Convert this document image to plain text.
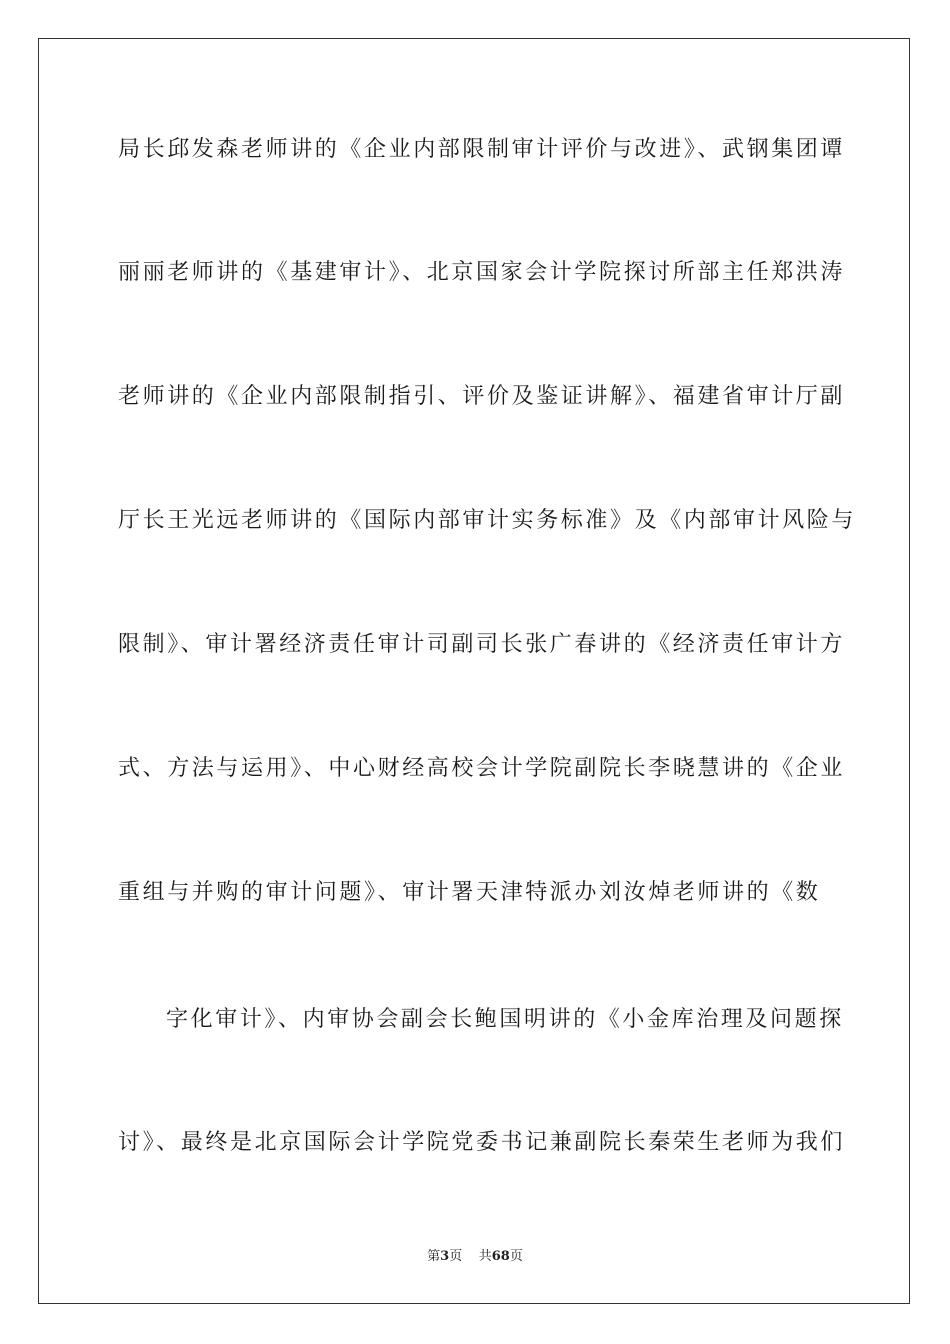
局长邱发森老师讲的《企业内部限制审计评价与改进》、武钢集团谭
丽丽老师讲的《基建审计》、北京国家会计学院探讨所部主任郑洪涛
老师讲的《企业内部限制指引、评价及鉴证讲解》、福建省审计厅副
厅长王光远老师讲的《国际内部审计实务标准》及《内部审计风险与
限制》、审计署经济责任审计司副司长张广春讲的《经济责任审计方
式、方法与运用》、中心财经高校会计学院副院长李晓慧讲的《企业
重组与并购的审计问题》、审计署天津特派办刘汝焯老师讲的《数
字化审计》、内审协会副会长鲍国明讲的《小金库治理及问题探
讨》、最终是北京国际会计学院党委书记兼副院长秦荣生老师为我们
第3页 共68页
